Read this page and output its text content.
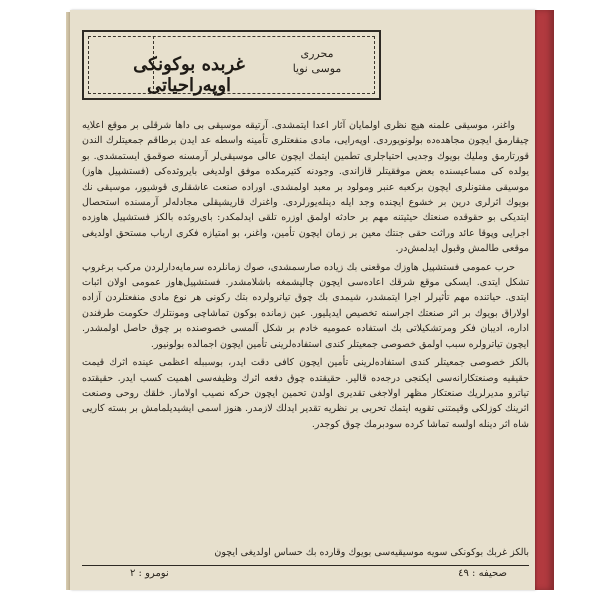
غربده بوكونكى اوپه‌راحياتى
محررى
موسى نويا

واغنر، موسيقى علمنه هيچ نظرى اولمايان آثار اعدا ايتمشدى. آرتيقه موسيقى بى داها شرقلى بر موقع اعلايه چيقارمق ايچون مجاهده‌ده بولونويوردى. اوپه‌رايى، مادى منفعتلرى تأمينه واسطه عد ايدن برطاقم جمعيتلرك الندن قورتارمق ومليك بويوك وجديى احتياجلرى تطمين ايتمك ايچون عالى موسيقى‌لر آرمسنه صوقمق ايستمشدى. بو يولده كى مساعيسنده بعض موفقيتلر قازاندى. وجودنه كتيرمكده موفق اولديغى بايروثده‌كى (فستشپيل هاوز) موسيقى مفتونلرى ايچون بركعبه عنبر ومولود بر معبد اولمشدى. اوراده صنعت عاشقلرى قوشيور، موسيقى نك بويوك اثرلرى درين بر خشوع ايچنده وجد ايله دينله‌يورلردى. واغنرك قاريشيقلى مجادله‌لر آرمسنده استحصال ايتديكى بو حقوقده صنعتك حيثيتنه مهم بر حادثه اولمق اوزره تلقى ايدلمكدر: باى‌روثده بالكز فستشپيل هاوزده اجرايى وپوقا عائد وراثت حقى جنتك معين بر زمان ايچون تأمين، واغنر، بو امتيازه فكرى ارباب مستحق اولديغى موقعى طالمش وقبول ايدلمش‌در.

حرب عمومى فستشپيل هاوزك موقعنى بك زياده صارسمشدى، صوك زمانلرده سرمايه‌دارلردن مركب برغروپ تشكل ايتدى. ايسكى موقع شرقك اعاده‌سى ايچون چاليشمغه باشلامشدر. فستشپيل‌هاوز عمومى اولان اثبات ايتدى. حياتنده مهم تأثيرلر اجرا ايتمشدر، شيمدى بك چوق تياترولرده بتك ركونى هر نوع مادى منفعتلردن آزاده اولاراق بويوك بر اثر صنعتك اجراسنه تخصيص ايديليور. عين زمانده بوكون تماشاچى ومونتلرك حكومت طرفندن اداره، اديبان فكر ومرتشكيلاتى بك استفاده عموميه خادم بر شكل آلمسى خصوصنده بر چوق حاصل اولمشدر. ايچون تياترولره سبب اولمق خصوصى جمعيتلر كندى استفاده‌لرينى تأمين ايچون اجمالده بولونيور.

بالكز خصوصى جمعيتلر كندى استفاده‌لرينى تأمين ايچون كافى دقت ايدر، بوسببله اعظمى عينده اثرك قيمت حقيقيه وصنعتكارانه‌سى ايكنجى درجه‌ده قالير. حقيقتده چوق دفعه اثرك وظيفه‌سى اهميت كسب ايدر. حقيقتده تياترو مديرلريك صنعتكار مظهر اولاجغى تقديرى اولدن تحمين ايچون حركه نصيب اولاماز. خلقك روحى وصنعت اثرينك كوزلكى وقيمتنى تقويه ايتمك تحربى بر نظريه تقدير ايدلك لازمدر. هنوز اسمى ايشيديلمامش بر بسته كاريى شاه اثر دينله اولسه تماشا كرده سودبرمك چوق كوجدر.

بالكز غربك بوكونكى سويه موسيقيه‌سى بويوك وقارده بك حساس اولديغى ايچون
صحيفه : ٤٩
نومرو : ٢
